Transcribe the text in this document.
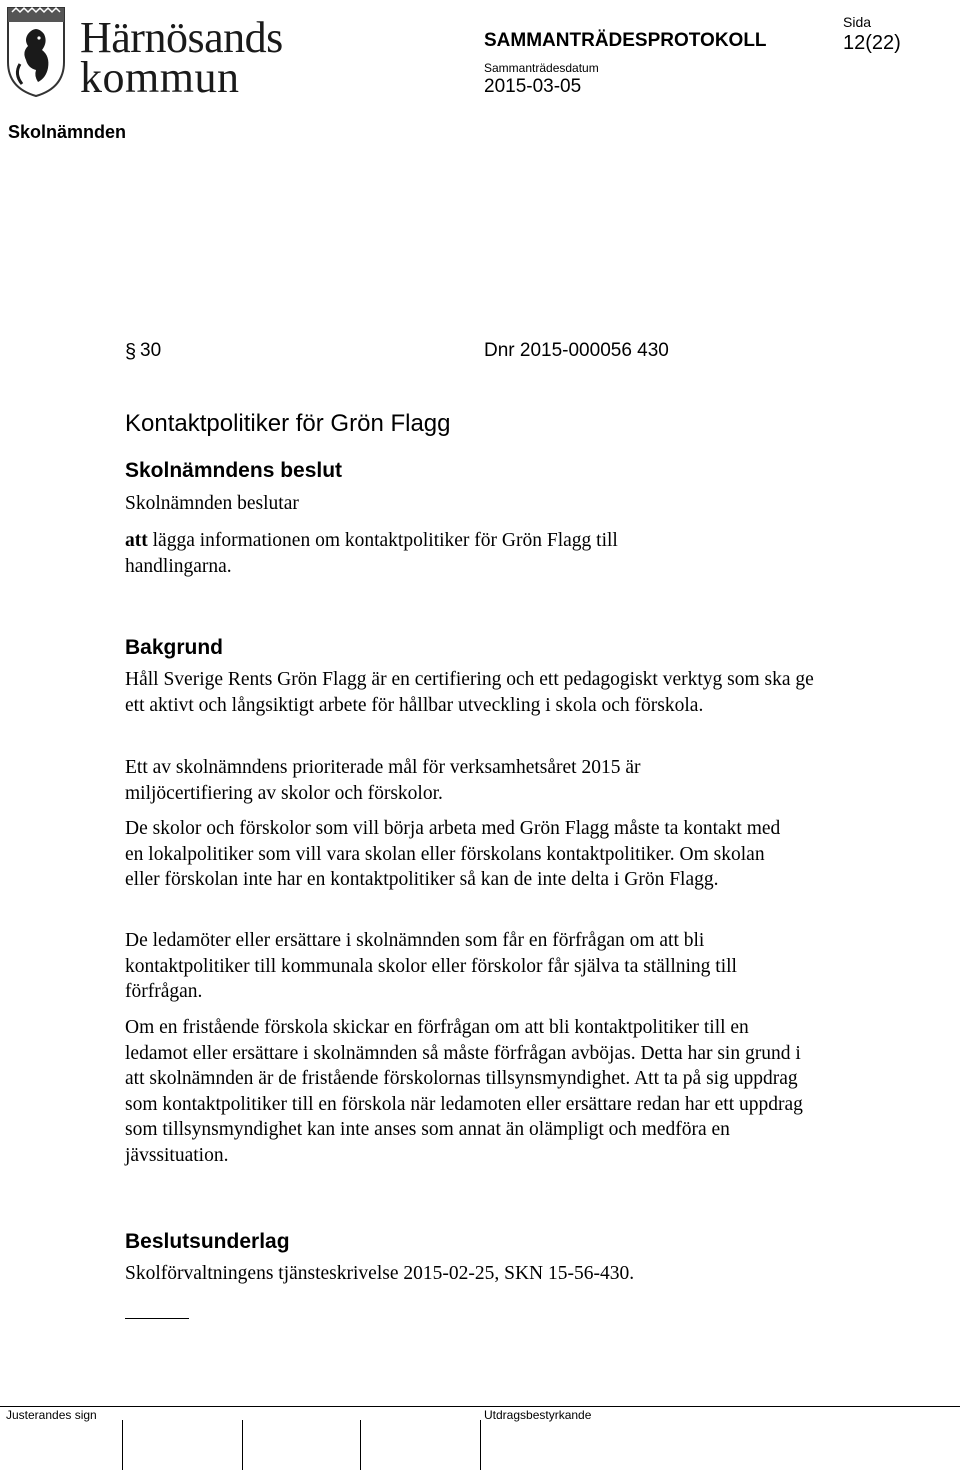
Härnösands
kommun
SAMMANTRÄDESPROTOKOLL
Sida
12(22)
Sammanträdesdatum
2015-03-05
Skolnämnden
§ 30	Dnr 2015-000056 430
Kontaktpolitiker för Grön Flagg
Skolnämndens beslut
Skolnämnden beslutar
att lägga informationen om kontaktpolitiker för Grön Flagg till handlingarna.
Bakgrund
Håll Sverige Rents Grön Flagg är en certifiering och ett pedagogiskt verktyg som ska ge ett aktivt och långsiktigt arbete för hållbar utveckling i skola och förskola.
Ett av skolnämndens prioriterade mål för verksamhetsåret 2015 är miljöcertifiering av skolor och förskolor.
De skolor och förskolor som vill börja arbeta med Grön Flagg måste ta kontakt med en lokalpolitiker som vill vara skolan eller förskolans kontaktpolitiker. Om skolan eller förskolan inte har en kontaktpolitiker så kan de inte delta i Grön Flagg.
De ledamöter eller ersättare i skolnämnden som får en förfrågan om att bli kontaktpolitiker till kommunala skolor eller förskolor får själva ta ställning till förfrågan.
Om en fristående förskola skickar en förfrågan om att bli kontaktpolitiker till en ledamot eller ersättare i skolnämnden så måste förfrågan avböjas. Detta har sin grund i att skolnämnden är de fristående förskolornas tillsynsmyndighet. Att ta på sig uppdrag som kontaktpolitiker till en förskola när ledamoten eller ersättare redan har ett uppdrag som tillsynsmyndighet kan inte anses som annat än olämpligt och medföra en jävssituation.
Beslutsunderlag
Skolförvaltningens tjänsteskrivelse 2015-02-25, SKN 15-56-430.
Justerandes sign	Utdragsbestyrkande
